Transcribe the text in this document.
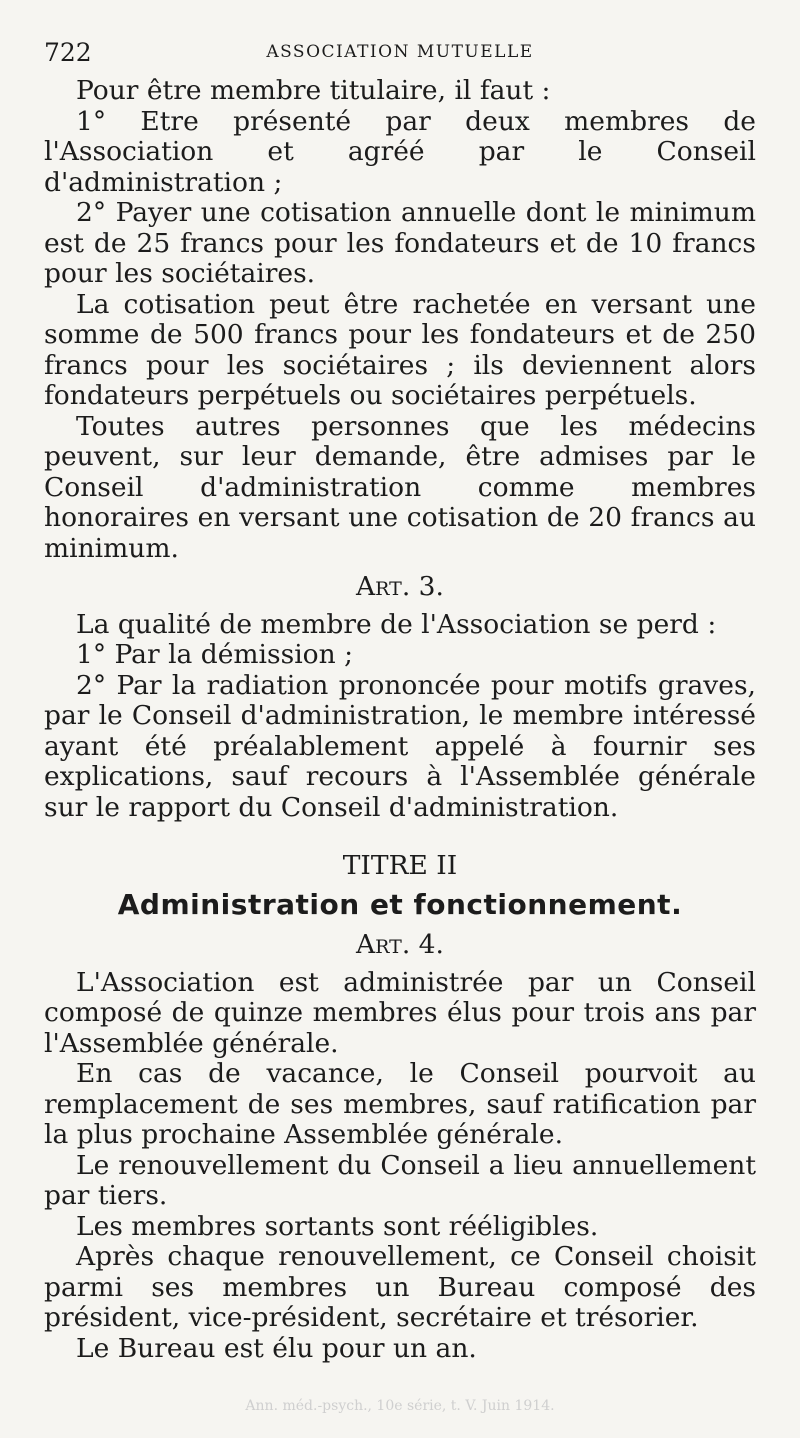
722	ASSOCIATION MUTUELLE
Pour être membre titulaire, il faut :
1° Etre présenté par deux membres de l'Association et agréé par le Conseil d'administration ;
2° Payer une cotisation annuelle dont le minimum est de 25 francs pour les fondateurs et de 10 francs pour les sociétaires.
La cotisation peut être rachetée en versant une somme de 500 francs pour les fondateurs et de 250 francs pour les sociétaires ; ils deviennent alors fondateurs perpétuels ou sociétaires perpétuels.
Toutes autres personnes que les médecins peuvent, sur leur demande, être admises par le Conseil d'administration comme membres honoraires en versant une cotisation de 20 francs au minimum.
Art. 3.
La qualité de membre de l'Association se perd :
1° Par la démission ;
2° Par la radiation prononcée pour motifs graves, par le Conseil d'administration, le membre intéressé ayant été préalablement appelé à fournir ses explications, sauf recours à l'Assemblée générale sur le rapport du Conseil d'administration.
TITRE II
Administration et fonctionnement.
Art. 4.
L'Association est administrée par un Conseil composé de quinze membres élus pour trois ans par l'Assemblée générale.
En cas de vacance, le Conseil pourvoit au remplacement de ses membres, sauf ratification par la plus prochaine Assemblée générale.
Le renouvellement du Conseil a lieu annuellement par tiers.
Les membres sortants sont rééligibles.
Après chaque renouvellement, ce Conseil choisit parmi ses membres un Bureau composé des président, vice-président, secrétaire et trésorier.
Le Bureau est élu pour un an.
Ann. méd.-psych., 10e série, t. V. Juin 1914.
